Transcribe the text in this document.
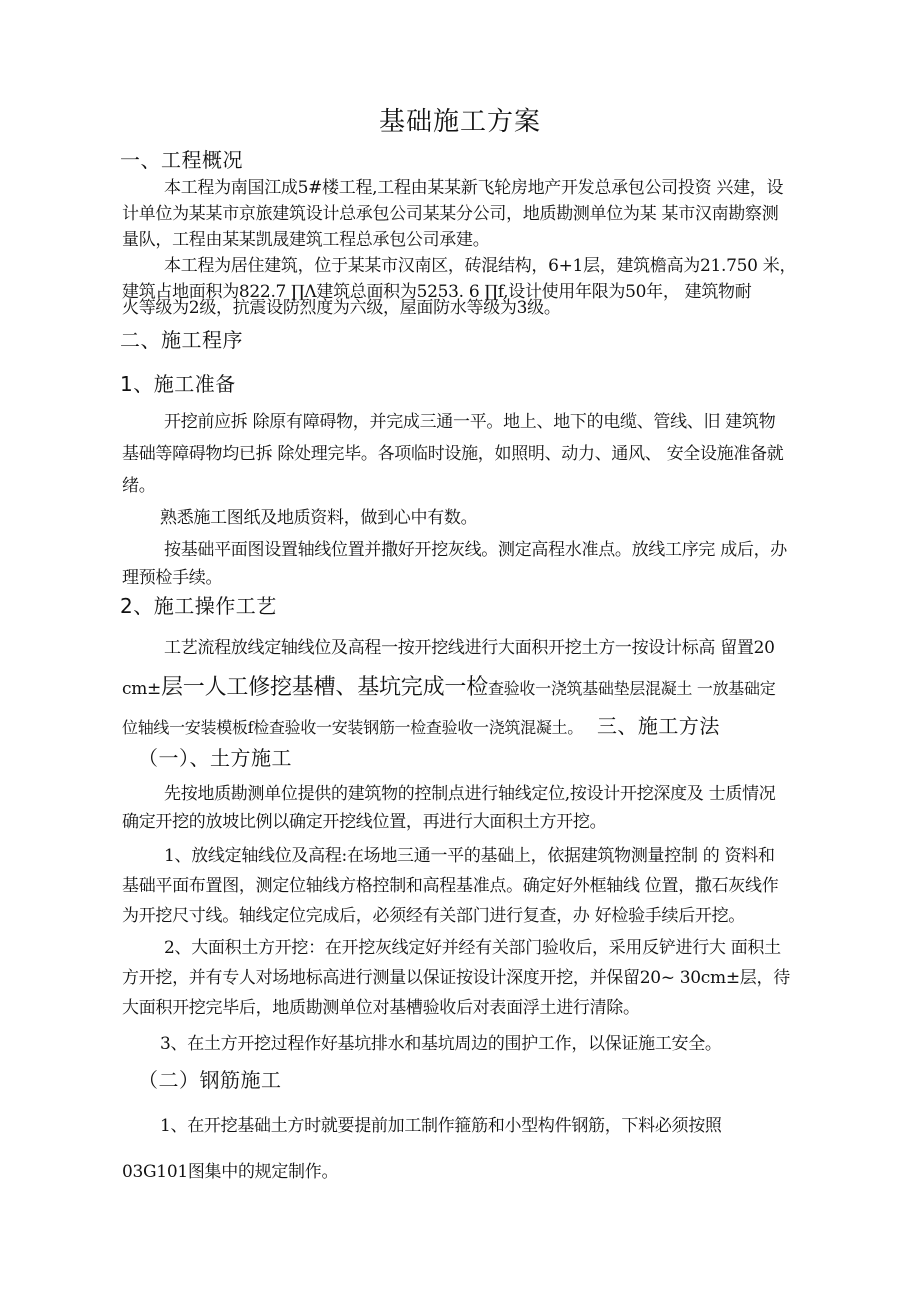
基础施工方案
一、工程概况
本工程为南国江成5#楼工程,工程由某某新飞轮房地产开发总承包公司投资 兴建，设
计单位为某某市京旅建筑设计总承包公司某某分公司，地质勘测单位为某 某市汉南勘察测
量队，工程由某某凯晟建筑工程总承包公司承建。
本工程为居住建筑，位于某某市汉南区，砖混结构，6+1层，建筑檐高为21.750 米，
建筑占地面积为822.7 ∏Λ建筑总面积为5253. 6 ∏f,设计使用年限为50年， 建筑物耐
火等级为2级，抗震设防烈度为六级，屋面防水等级为3级。
二、施工程序
1、施工准备
开挖前应拆 除原有障碍物，并完成三通一平。地上、地下的电缆、管线、旧 建筑物
基础等障碍物均已拆 除处理完毕。各项临时设施，如照明、动力、通风、 安全设施准备就
绪。
熟悉施工图纸及地质资料，做到心中有数。
按基础平面图设置轴线位置并撒好开挖灰线。测定高程水准点。放线工序完 成后，办
理预检手续。
2、施工操作工艺
工艺流程放线定轴线位及高程一按开挖线进行大面积开挖土方一按设计标高 留置20
cm±层一人工修挖基槽、基坑完成一检查验收一浇筑基础垫层混凝土 一放基础定
位轴线一安装模板f检查验收一安装钢筋一检查验收一浇筑混凝土。 三、施工方法
（一）、土方施工
先按地质勘测单位提供的建筑物的控制点进行轴线定位,按设计开挖深度及 士质情况
确定开挖的放坡比例以确定开挖线位置，再进行大面积土方开挖。
1、放线定轴线位及高程:在场地三通一平的基础上，依据建筑物测量控制 的 资料和
基础平面布置图，测定位轴线方格控制和高程基准点。确定好外框轴线 位置，撒石灰线作
为开挖尺寸线。轴线定位完成后，必须经有关部门进行复查，办 好检验手续后开挖。
2、大面积土方开挖：在开挖灰线定好并经有关部门验收后，采用反铲进行大 面积土
方开挖，并有专人对场地标高进行测量以保证按设计深度开挖，并保留20~ 30cm±层，待
大面积开挖完毕后，地质勘测单位对基槽验收后对表面浮土进行清除。
3、在土方开挖过程作好基坑排水和基坑周边的围护工作，以保证施工安全。
（二）钢筋施工
1、在开挖基础土方时就要提前加工制作箍筋和小型构件钢筋，下料必须按照
03G101图集中的规定制作。
